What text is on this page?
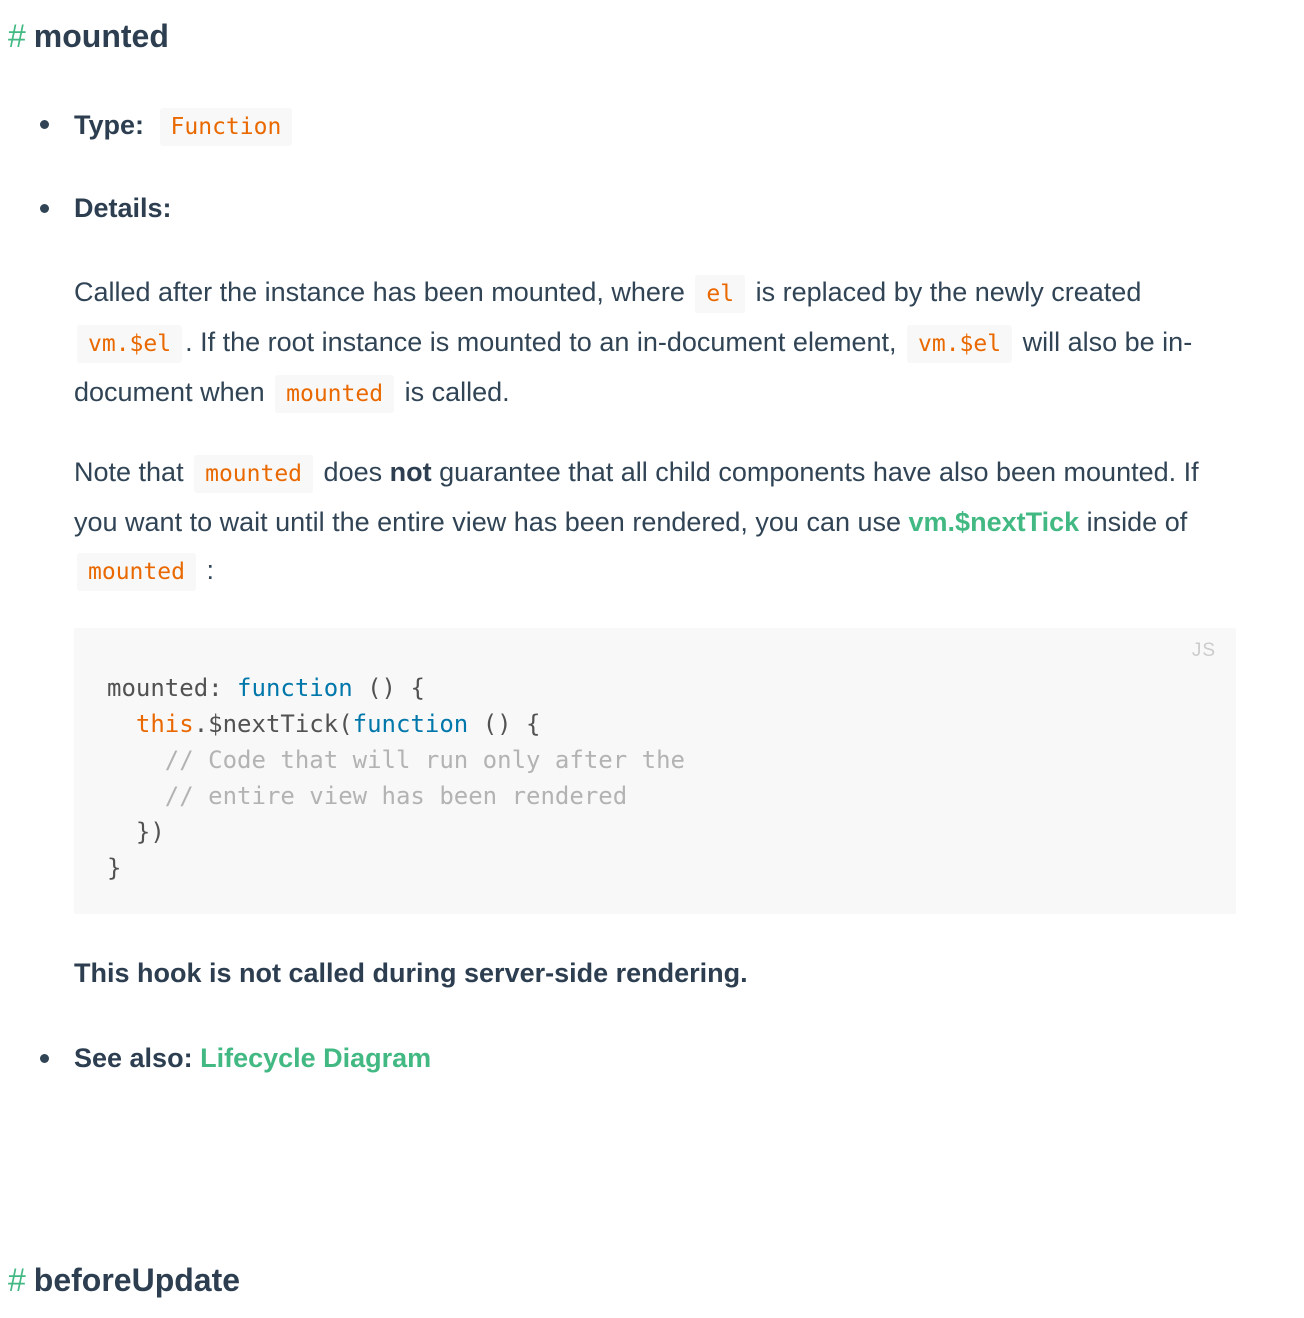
# mounted
Type: Function
Details:
Called after the instance has been mounted, where el is replaced by the newly created vm.$el . If the root instance is mounted to an in-document element, vm.$el will also be in-document when mounted is called.
Note that mounted does not guarantee that all child components have also been mounted. If you want to wait until the entire view has been rendered, you can use vm.$nextTick inside of mounted :
JS
mounted: function () {
this.$nextTick(function () {
// Code that will run only after the
// entire view has been rendered
})
}
This hook is not called during server-side rendering.
See also: Lifecycle Diagram
# beforeUpdate
